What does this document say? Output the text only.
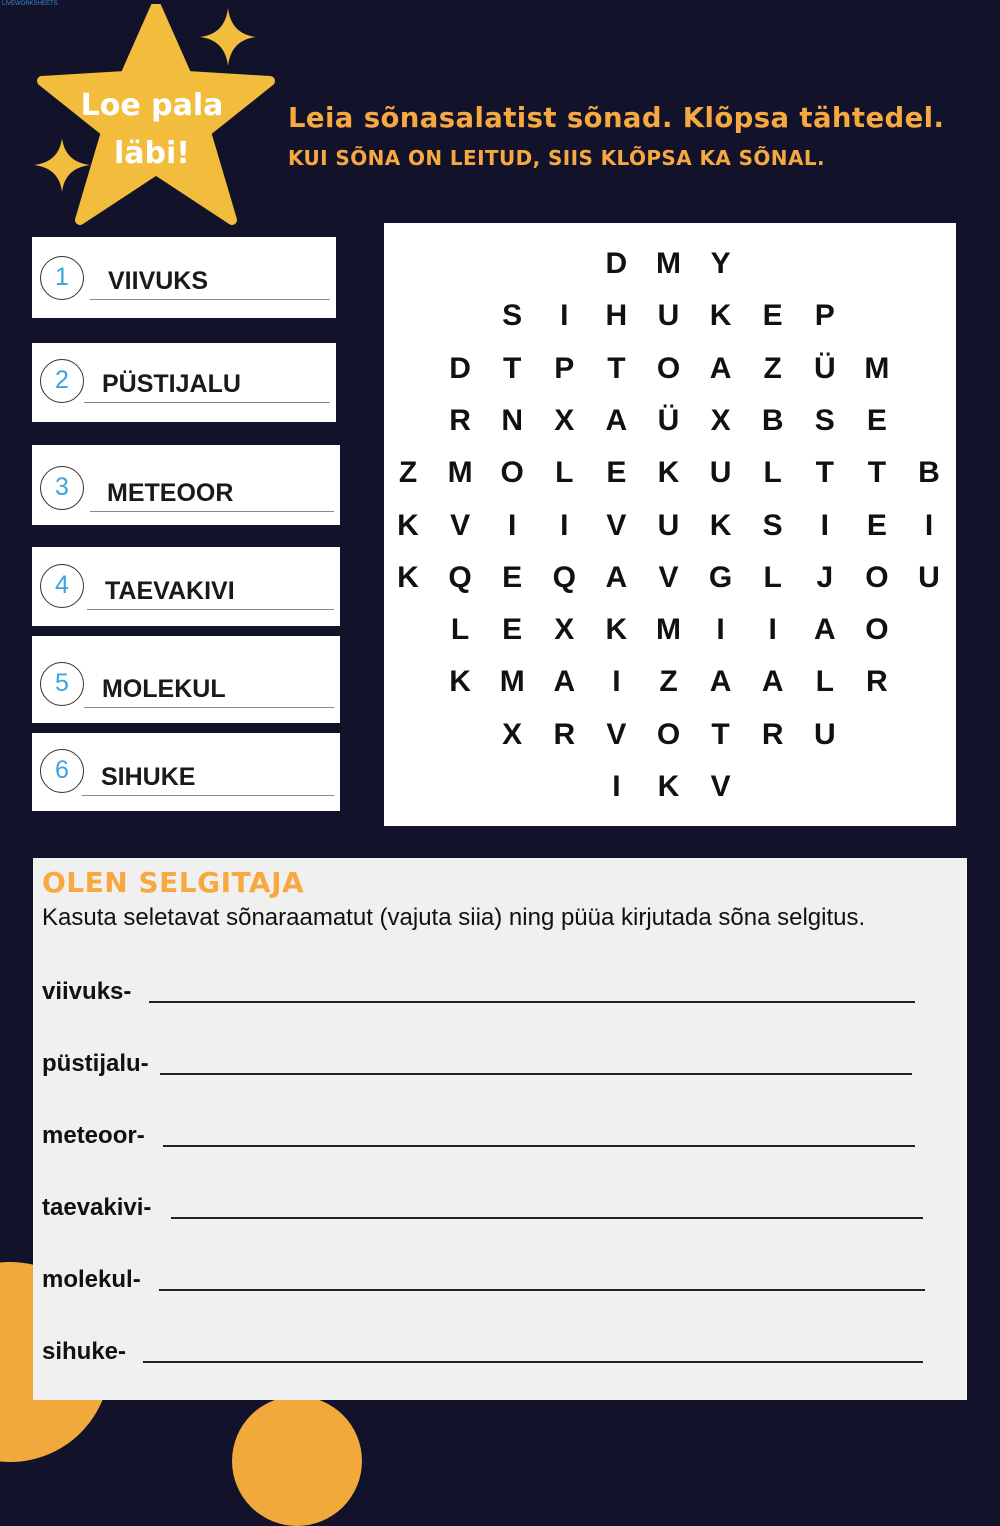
LIVEWORKSHEETS
Loe pala
läbi!
Leia sõnasalatist sõnad. Klõpsa tähtedel.
KUI SÕNA ON LEITUD, SIIS KLÕPSA KA SÕNAL.
1	VIIVUKS
2	PÜSTIJALU
3	METEOOR
4	TAEVAKIVI
5	MOLEKUL
6	SIHUKE
D M Y
S	I	H	U	K	E	P
D	T	P	T	O A	Z	Ü M
R	N	X	A	Ü	X	B	S	E
Z	M O	L	E	K	U	L	T	T	B
K	V	I	I	V	U	K	S	I	E	I
K Q	E	Q A	V	G	L	J	O U
L	E	X	K M	I	I	A O
K M A	I	Z	A	A	L	R
X	R	V	O	T	R	U
I	K	V
OLEN SELGITAJA
Kasuta seletavat sõnaraamatut (vajuta siia) ning püüa kirjutada sõna selgitus.
viivuks-
püstijalu-
meteoor-
taevakivi-
molekul-
sihuke-
